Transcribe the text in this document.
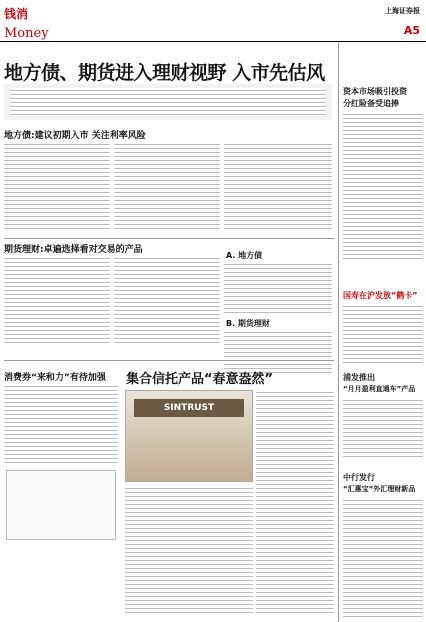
钱消
Money
上海证券报
A5
地方债、期货进入理财视野 入市先估风
地方债:建议初期入市 关注利率风险
期货理财:卓遍选择看对交易的产品
A. 地方债
B. 期货理财
消费券“来和力”有待加强	集合信托产品“春意盎然”
SINTRUST
资本市场吸引投资
分红险备受追捧
国寿在沪发放“鹤卡”
浦发推出
“月月盈利直通车”产品
中行发行
“汇惠宝”外汇理财新品
